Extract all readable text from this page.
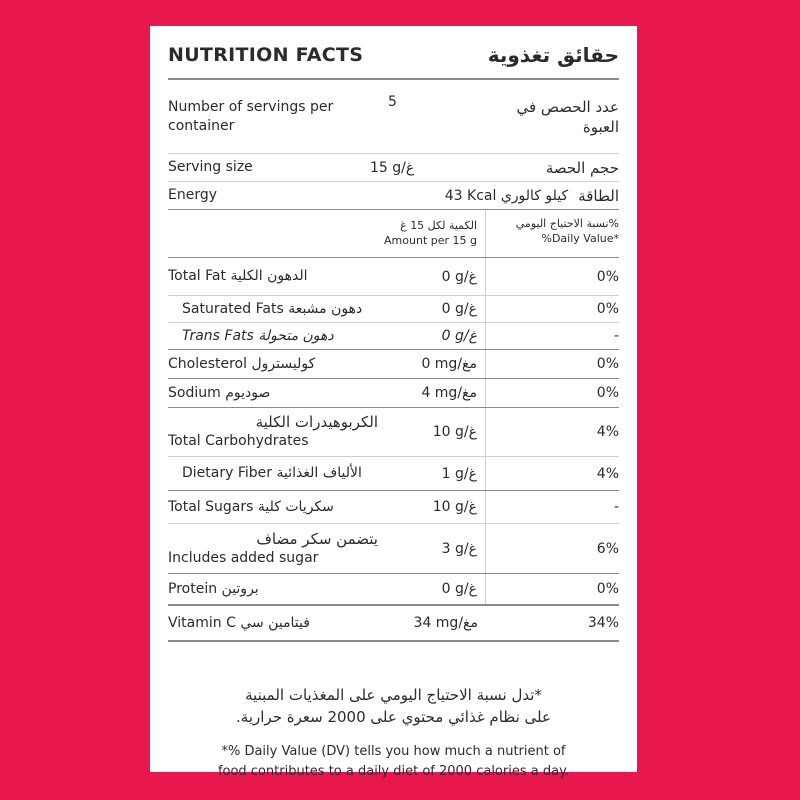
NUTRITION FACTS	حقائق تغذوية
Number of servings per container
5	عدد الحصص في العبوة
Serving size	15 g/غ	حجم الحصة
Energy	43 Kcal كيلو كالوري الطاقة
الكمية لكل 15 غ
Amount per 15 g
%نسبة الاحتياج اليومي
%Daily Value*
Total Fat الدهون الكلية	0 g/غ	0%
Saturated Fats دهون مشبعة	0 g/غ	0%
Trans Fats دهون متحولة	0 g/غ	-
Cholesterol كوليسترول	0 mg/مغ	0%
Sodium صوديوم	4 mg/مغ	0%
الكربوهيدرات الكلية
Total Carbohydrates
10 g/غ	4%
Dietary Fiber الألياف الغذائية	1 g/غ	4%
Total Sugars سكريات كلية	10 g/غ	-
يتضمن سكر مضاف
Includes added sugar
3 g/غ	6%
Protein بروتين	0 g/غ	0%
Vitamin C فيتامين سي	34 mg/مغ	34%
*تدل نسبة الاحتياج اليومي على المغذيات المبنية
على نظام غذائي محتوي على 2000 سعرة حرارية.
*% Daily Value (DV) tells you how much a nutrient of
food contributes to a daily diet of 2000 calories a day.
